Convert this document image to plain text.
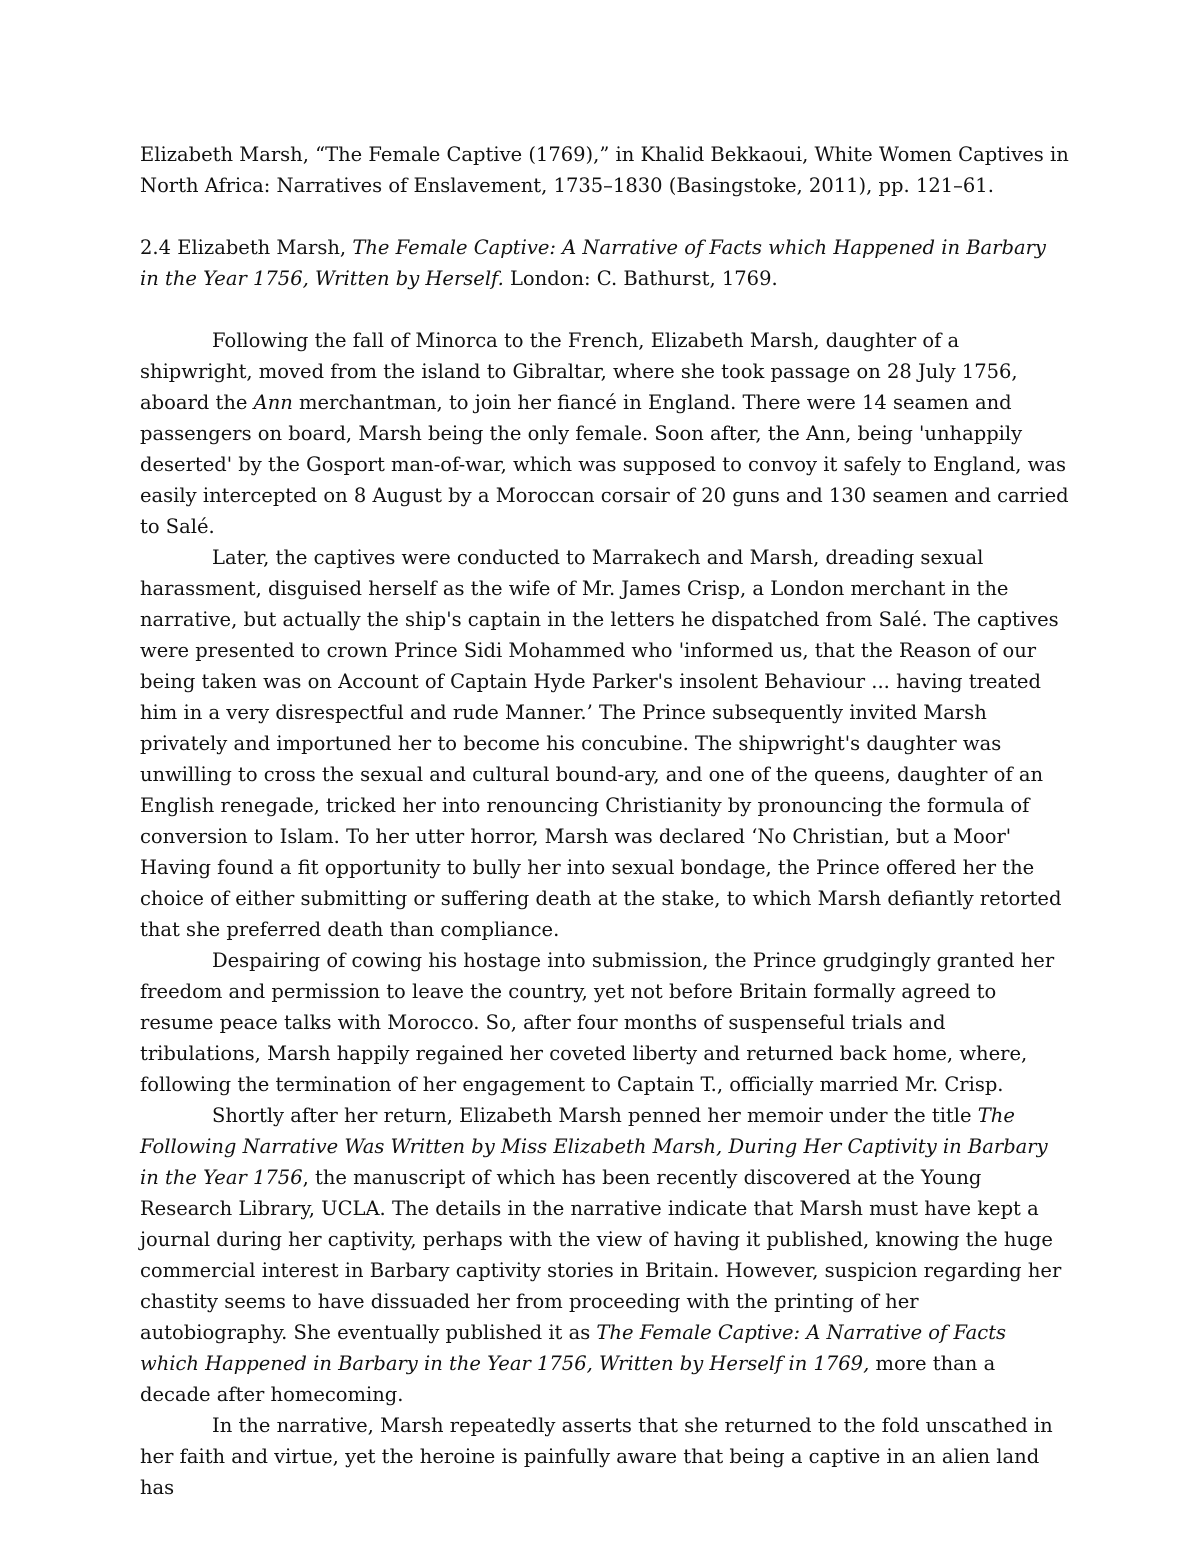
Elizabeth Marsh, “The Female Captive (1769),” in Khalid Bekkaoui, White Women Captives in North Africa: Narratives of Enslavement, 1735–1830 (Basingstoke, 2011), pp. 121–61.

2.4 Elizabeth Marsh, The Female Captive: A Narrative of Facts which Happened in Barbary in the Year 1756, Written by Herself. London: C. Bathurst, 1769.

Following the fall of Minorca to the French, Elizabeth Marsh, daughter of a shipwright, moved from the island to Gibraltar, where she took passage on 28 July 1756, aboard the Ann merchantman, to join her fiancé in England. There were 14 seamen and passengers on board, Marsh being the only female. Soon after, the Ann, being 'unhappily deserted' by the Gosport man-of-war, which was supposed to convoy it safely to England, was easily intercepted on 8 August by a Moroccan corsair of 20 guns and 130 seamen and carried to Salé.

Later, the captives were conducted to Marrakech and Marsh, dreading sexual harassment, disguised herself as the wife of Mr. James Crisp, a London merchant in the narrative, but actually the ship's captain in the letters he dispatched from Salé. The captives were presented to crown Prince Sidi Mohammed who 'informed us, that the Reason of our being taken was on Account of Captain Hyde Parker's insolent Behaviour ... having treated him in a very disrespectful and rude Manner.’ The Prince subsequently invited Marsh privately and importuned her to become his concubine. The shipwright's daughter was unwilling to cross the sexual and cultural bound-ary, and one of the queens, daughter of an English renegade, tricked her into renouncing Christianity by pronouncing the formula of conversion to Islam. To her utter horror, Marsh was declared ‘No Christian, but a Moor' Having found a fit opportunity to bully her into sexual bondage, the Prince offered her the choice of either submitting or suffering death at the stake, to which Marsh defiantly retorted that she preferred death than compliance.

Despairing of cowing his hostage into submission, the Prince grudgingly granted her freedom and permission to leave the country, yet not before Britain formally agreed to resume peace talks with Morocco. So, after four months of suspenseful trials and tribulations, Marsh happily regained her coveted liberty and returned back home, where, following the termination of her engagement to Captain T., officially married Mr. Crisp.

Shortly after her return, Elizabeth Marsh penned her memoir under the title The Following Narrative Was Written by Miss Elizabeth Marsh, During Her Captivity in Barbary in the Year 1756, the manuscript of which has been recently discovered at the Young Research Library, UCLA. The details in the narrative indicate that Marsh must have kept a journal during her captivity, perhaps with the view of having it published, knowing the huge commercial interest in Barbary captivity stories in Britain. However, suspicion regarding her chastity seems to have dissuaded her from proceeding with the printing of her autobiography. She eventually published it as The Female Captive: A Narrative of Facts which Happened in Barbary in the Year 1756, Written by Herself in 1769, more than a decade after homecoming.

In the narrative, Marsh repeatedly asserts that she returned to the fold unscathed in her faith and virtue, yet the heroine is painfully aware that being a captive in an alien land has
